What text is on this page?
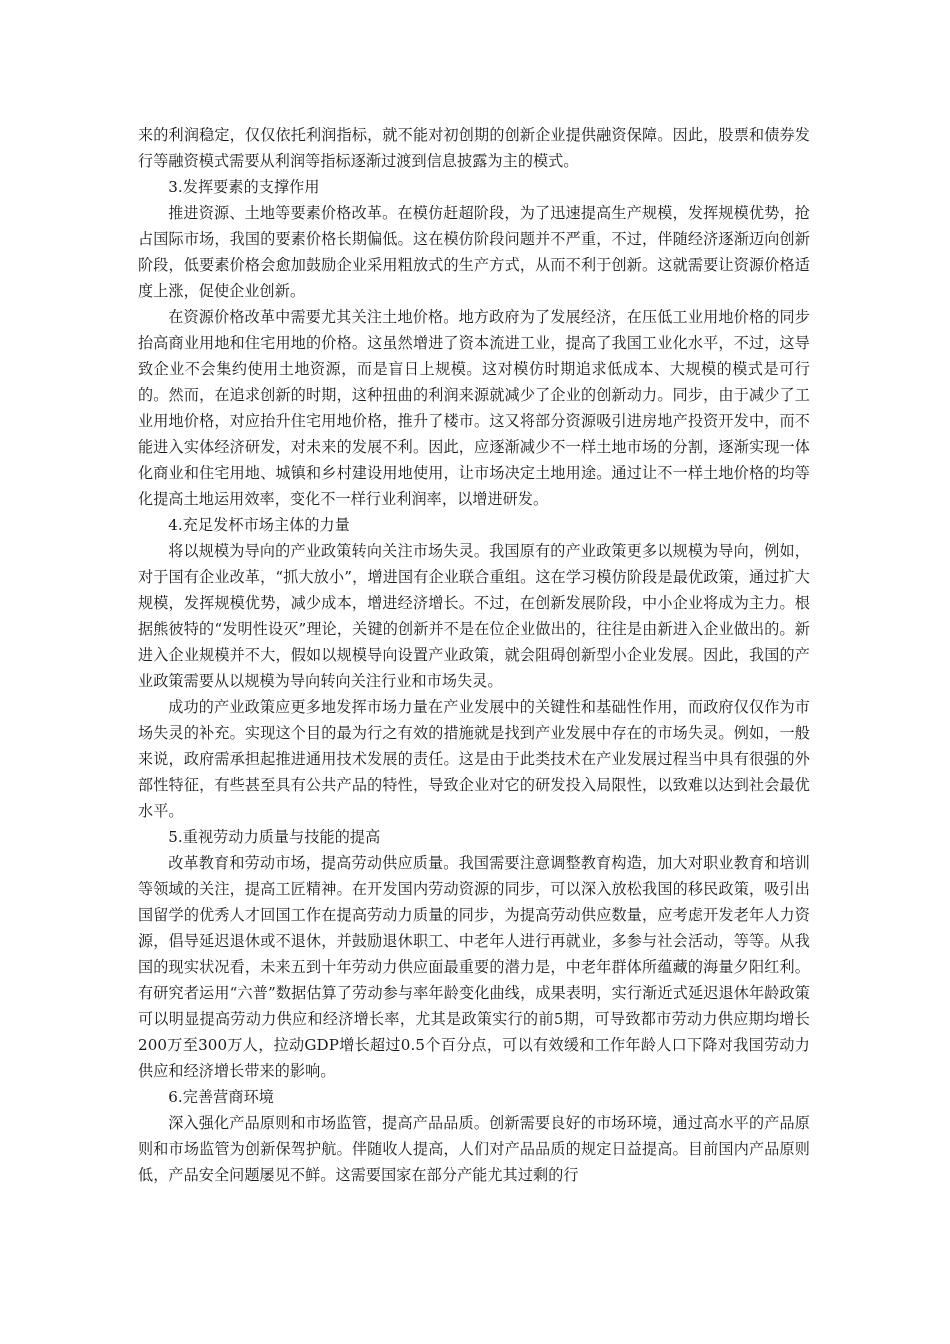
来的利润稳定，仅仅依托利润指标，就不能对初创期的创新企业提供融资保障。因此，股票和债券发行等融资模式需要从利润等指标逐渐过渡到信息披露为主的模式。

3.发挥要素的支撑作用

推进资源、土地等要素价格改革。在模仿赶超阶段，为了迅速提高生产规模，发挥规模优势，抢占国际市场，我国的要素价格长期偏低。这在模仿阶段问题并不严重，不过，伴随经济逐渐迈向创新阶段，低要素价格会愈加鼓励企业采用粗放式的生产方式，从而不利于创新。这就需要让资源价格适度上涨，促使企业创新。

在资源价格改革中需要尤其关注土地价格。地方政府为了发展经济，在压低工业用地价格的同步抬高商业用地和住宅用地的价格。这虽然增进了资本流进工业，提高了我国工业化水平，不过，这导致企业不会集约使用土地资源，而是盲日上规模。这对模仿时期追求低成本、大规模的模式是可行的。然而，在追求创新的时期，这种扭曲的利润来源就减少了企业的创新动力。同步，由于减少了工业用地价格，对应抬升住宅用地价格，推升了楼市。这又将部分资源吸引进房地产投资开发中，而不能进入实体经济研发，对未来的发展不利。因此，应逐渐减少不一样土地市场的分割，逐渐实现一体化商业和住宅用地、城镇和乡村建设用地使用，让市场决定土地用途。通过让不一样土地价格的均等化提高土地运用效率，变化不一样行业利润率，以增进研发。

4.充足发杯市场主体的力量

将以规模为导向的产业政策转向关注市场失灵。我国原有的产业政策更多以规模为导向，例如，对于国有企业改革，“抓大放小”，增进国有企业联合重组。这在学习模仿阶段是最优政策，通过扩大规模，发挥规模优势，减少成本，增进经济增长。不过，在创新发展阶段，中小企业将成为主力。根据熊彼特的“发明性设灭”理论，关键的创新并不是在位企业做出的，往往是由新进入企业做出的。新进入企业规模并不大，假如以规模导向设置产业政策，就会阻碍创新型小企业发展。因此，我国的产业政策需要从以规模为导向转向关注行业和市场失灵。

成功的产业政策应更多地发挥市场力量在产业发展中的关键性和基础性作用，而政府仅仅作为市场失灵的补充。实现这个目的最为行之有效的措施就是找到产业发展中存在的市场失灵。例如，一般来说，政府需承担起推进通用技术发展的责任。这是由于此类技术在产业发展过程当中具有很强的外部性特征，有些甚至具有公共产品的特性，导致企业对它的研发投入局限性，以致难以达到社会最优水平。

5.重视劳动力质量与技能的提高

改革教育和劳动市场，提高劳动供应质量。我国需要注意调整教育构造，加大对职业教育和培训等领域的关注，提高工匠精神。在开发国内劳动资源的同步，可以深入放松我国的移民政策，吸引出国留学的优秀人才回国工作在提高劳动力质量的同步，为提高劳动供应数量，应考虑开发老年人力资源，倡导延迟退休或不退休，并鼓励退休职工、中老年人进行再就业，多参与社会活动，等等。从我国的现实状况看，未来五到十年劳动力供应面最重要的潜力是，中老年群体所蕴藏的海量夕阳红利。有研究者运用“六普”数据估算了劳动参与率年龄变化曲线，成果表明，实行渐近式延迟退休年龄政策可以明显提高劳动力供应和经济增长率，尤其是政策实行的前5期，可导致都市劳动力供应期均增长200万至300万人，拉动GDP增长超过0.5个百分点，可以有效缓和工作年龄人口下降对我国劳动力供应和经济增长带来的影响。

6.完善营商环境

深入强化产品原则和市场监管，提高产品品质。创新需要良好的市场环境，通过高水平的产品原则和市场监管为创新保驾护航。伴随收人提高，人们对产品品质的规定日益提高。目前国内产品原则低，产品安全问题屡见不鲜。这需要国家在部分产能尤其过剩的行
